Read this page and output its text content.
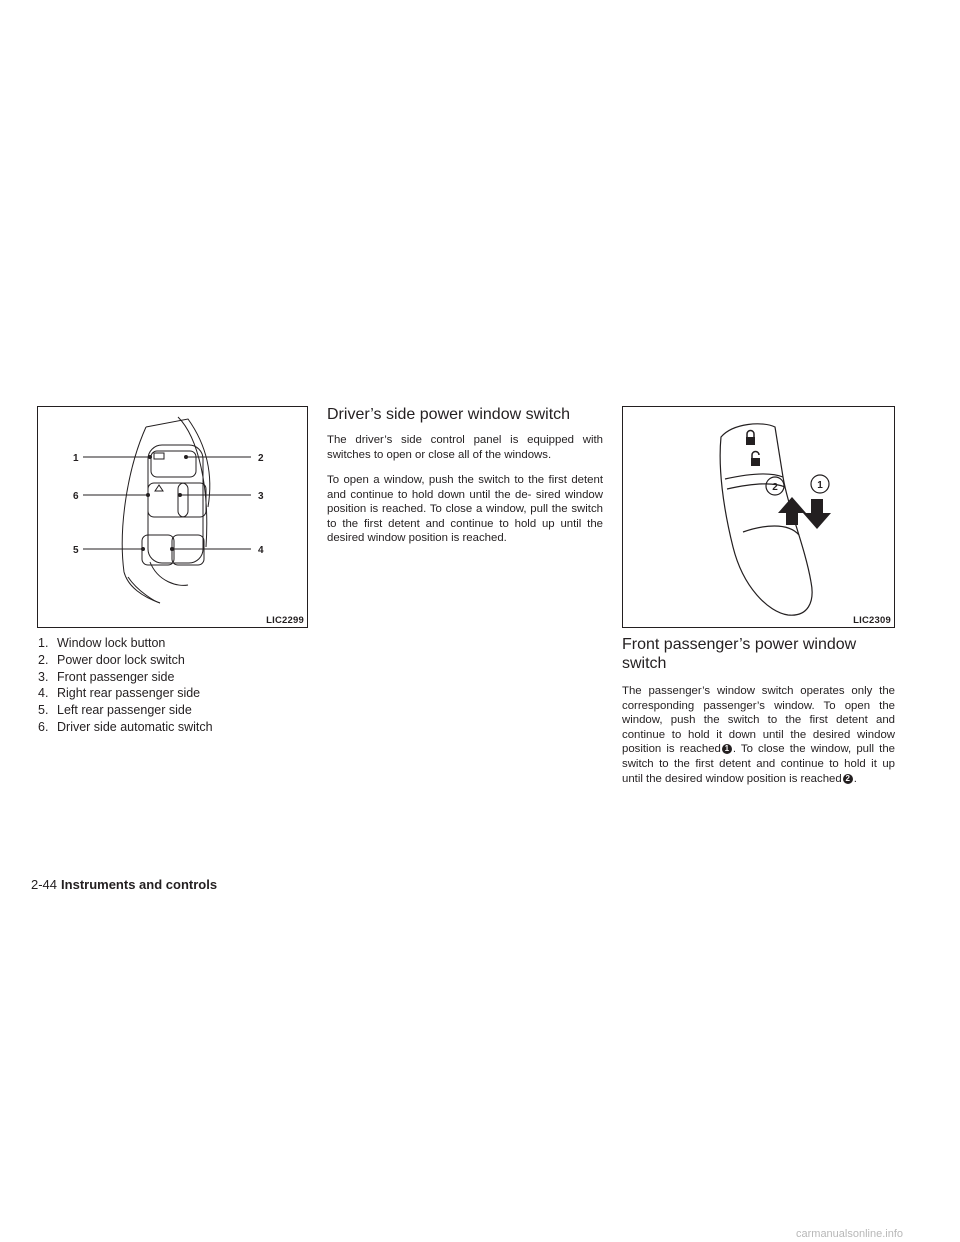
1	2
3
4
5
6
LIC2299
1. Window lock button
2. Power door lock switch
3. Front passenger side
4. Right rear passenger side
5. Left rear passenger side
6. Driver side automatic switch
Driver’s side power window switch

The driver’s side control panel is equipped with switches to open or close all of the windows.

To open a window, push the switch to the first detent and continue to hold down until the de- sired window position is reached. To close a window, pull the switch to the first detent and continue to hold up until the desired window position is reached.

2	1
LIC2309
Front passenger’s power window
switch

The passenger’s window switch operates only the corresponding passenger’s window. To open the window, push the switch to the first detent and continue to hold it down until the desired window position is reached 1 . To close the window, pull the switch to the first detent and continue to hold it up until the desired window position is reached 2 .

2-44 Instruments and controls
carmanualsonline.info
